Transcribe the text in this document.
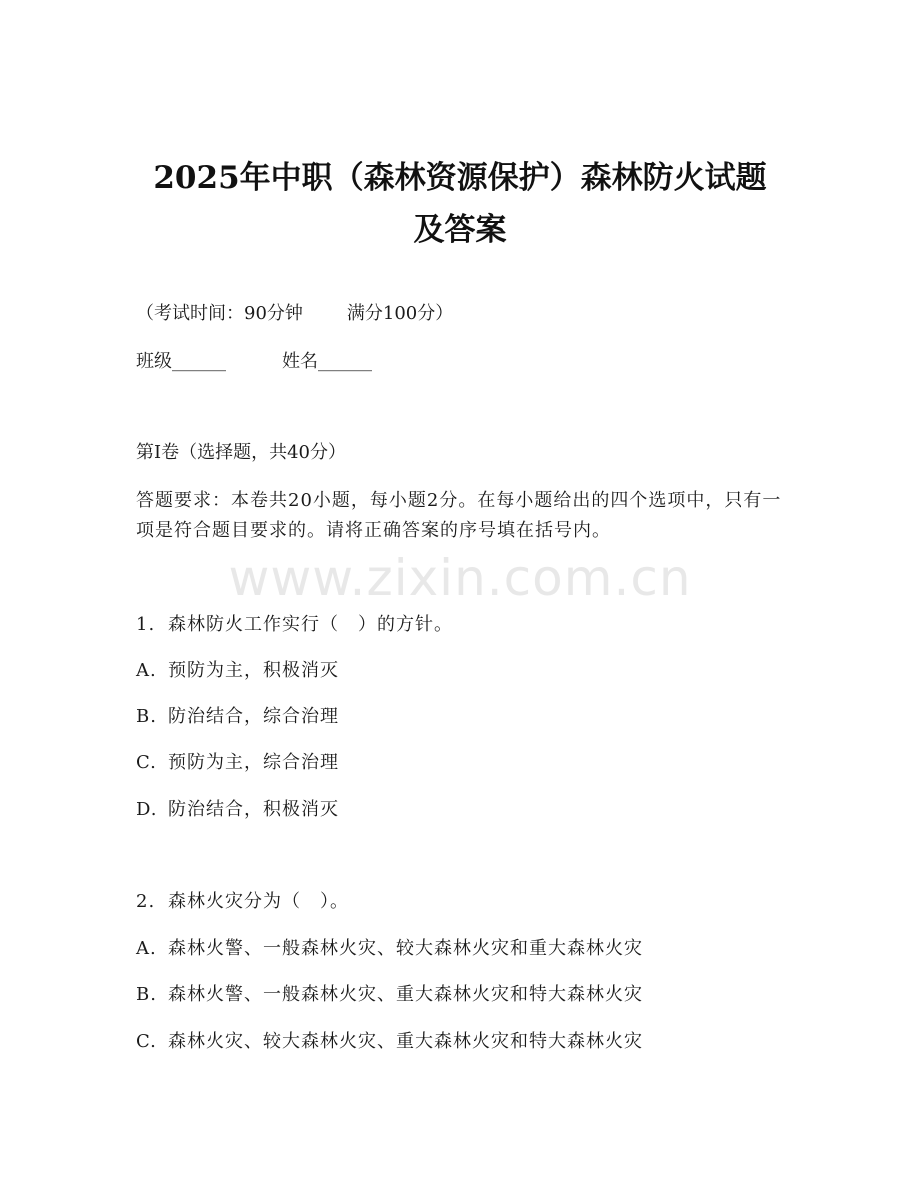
2025年中职（森林资源保护）森林防火试题
及答案
（考试时间：90分钟 满分100分）
班级______	姓名______
第I卷（选择题，共40分）
答题要求：本卷共20小题，每小题2分。在每小题给出的四个选项中，只有一项是符合题目要求的。请将正确答案的序号填在括号内。
www.zixin.com.cn
1. 森林防火工作实行（　）的方针。
A. 预防为主，积极消灭
B. 防治结合，综合治理
C. 预防为主，综合治理
D. 防治结合，积极消灭
2. 森林火灾分为（　）。
A. 森林火警、一般森林火灾、较大森林火灾和重大森林火灾
B. 森林火警、一般森林火灾、重大森林火灾和特大森林火灾
C. 森林火灾、较大森林火灾、重大森林火灾和特大森林火灾
